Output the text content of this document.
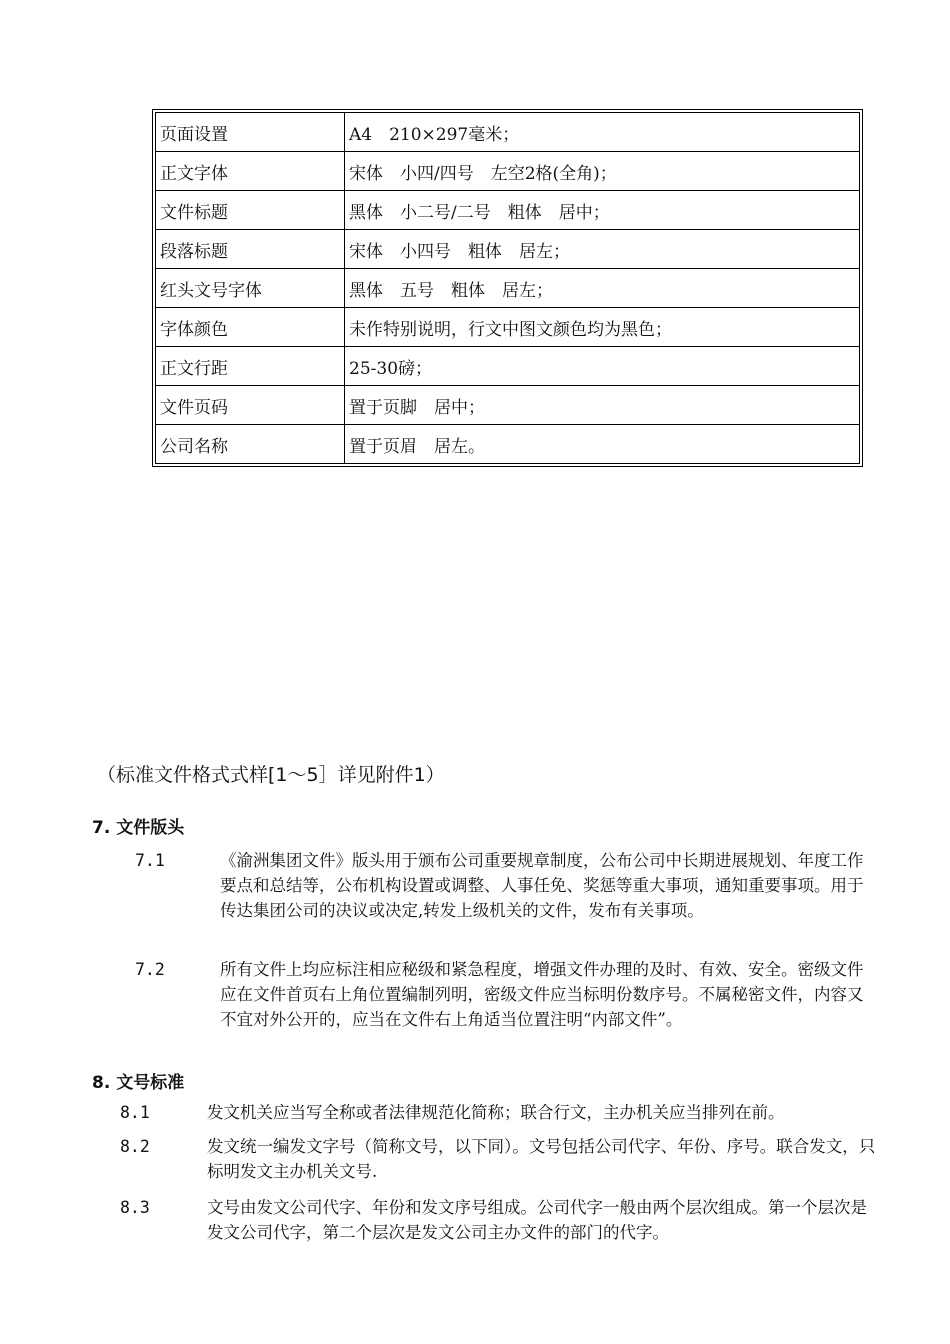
页面设置	A4　210×297毫米；
正文字体	宋体　小四/四号　左空2格(全角)；
文件标题	黑体　小二号/二号　粗体　居中；
段落标题	宋体　小四号　粗体　居左；
红头文号字体	黑体　五号　粗体　居左；
字体颜色	未作特别说明，行文中图文颜色均为黑色；
正文行距	25-30磅；
文件页码	置于页脚　居中；
公司名称	置于页眉　居左。
（标准文件格式式样[1～5］详见附件1）
7. 文件版头
7.1	《渝洲集团文件》版头用于颁布公司重要规章制度，公布公司中长期进展规划、年度工作要点和总结等，公布机构设置或调整、人事任免、奖惩等重大事项，通知重要事项。用于传达集团公司的决议或决定,转发上级机关的文件，发布有关事项。
7.2	所有文件上均应标注相应秘级和紧急程度，增强文件办理的及时、有效、安全。密级文件应在文件首页右上角位置编制列明，密级文件应当标明份数序号。不属秘密文件，内容又不宜对外公开的，应当在文件右上角适当位置注明“内部文件”。
8. 文号标准
8.1	发文机关应当写全称或者法律规范化简称；联合行文，主办机关应当排列在前。
8.2	发文统一编发文字号（简称文号，以下同）。文号包括公司代字、年份、序号。联合发文，只标明发文主办机关文号.
8.3	文号由发文公司代字、年份和发文序号组成。公司代字一般由两个层次组成。第一个层次是发文公司代字，第二个层次是发文公司主办文件的部门的代字。
